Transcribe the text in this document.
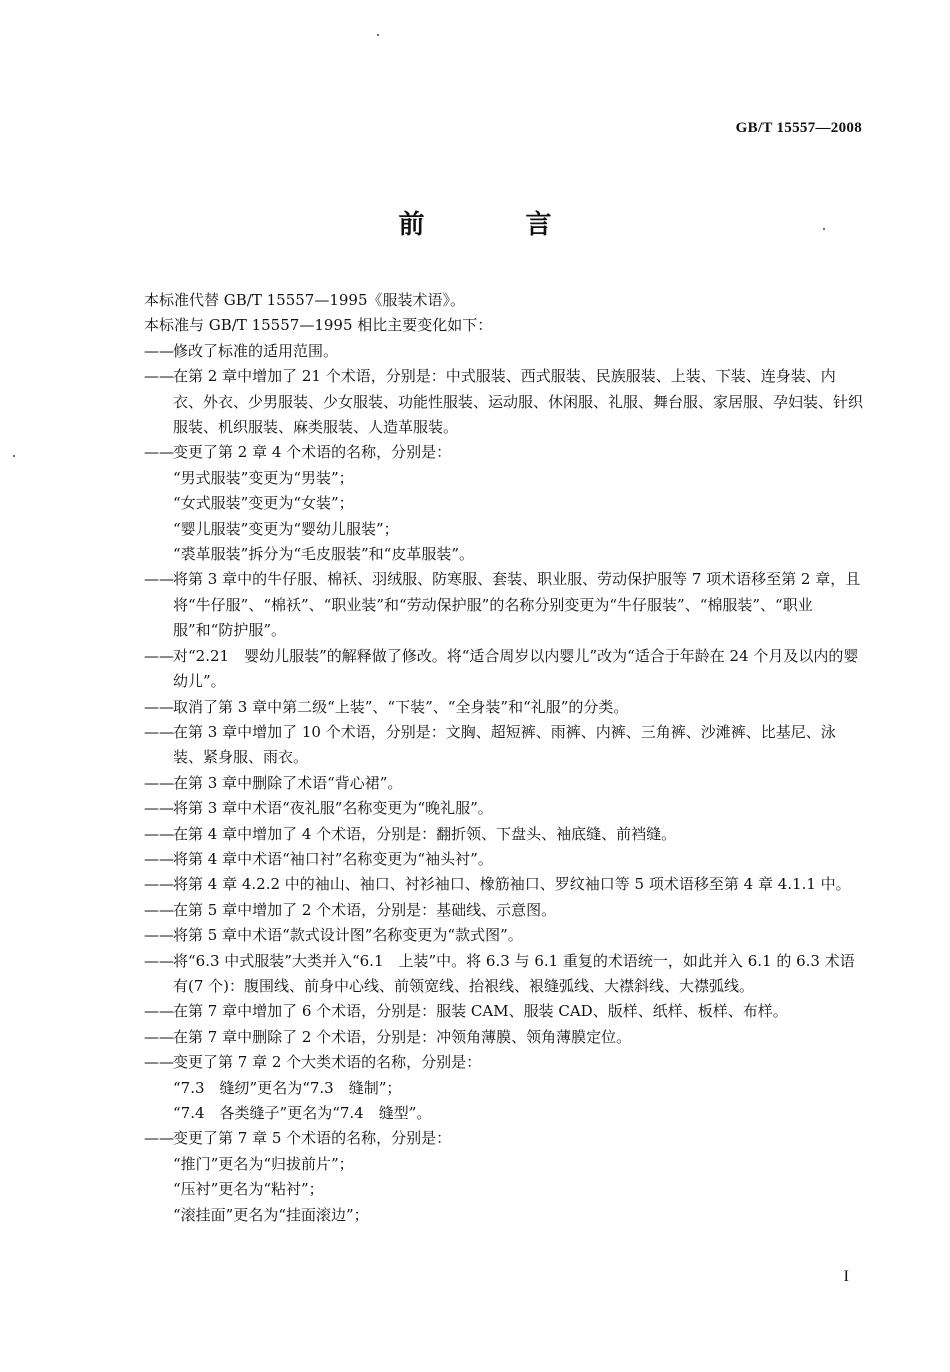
GB/T 15557—2008
前 言
本标准代替 GB/T 15557—1995《服装术语》。
本标准与 GB/T 15557—1995 相比主要变化如下：
——修改了标准的适用范围。
——在第 2 章中增加了 21 个术语，分别是：中式服装、西式服装、民族服装、上装、下装、连身装、内衣、外衣、少男服装、少女服装、功能性服装、运动服、休闲服、礼服、舞台服、家居服、孕妇装、针织服装、机织服装、麻类服装、人造革服装。
——变更了第 2 章 4 个术语的名称，分别是：
“男式服装”变更为“男装”；
“女式服装”变更为“女装”；
“婴儿服装”变更为“婴幼儿服装”；
“裘革服装”拆分为“毛皮服装”和“皮革服装”。
——将第 3 章中的牛仔服、棉袄、羽绒服、防寒服、套装、职业服、劳动保护服等 7 项术语移至第 2 章，且将“牛仔服”、“棉袄”、“职业装”和“劳动保护服”的名称分别变更为“牛仔服装”、“棉服装”、“职业服”和“防护服”。
——对“2.21　婴幼儿服装”的解释做了修改。将“适合周岁以内婴儿”改为“适合于年龄在 24 个月及以内的婴幼儿”。
——取消了第 3 章中第二级“上装”、“下装”、“全身装”和“礼服”的分类。
——在第 3 章中增加了 10 个术语，分别是：文胸、超短裤、雨裤、内裤、三角裤、沙滩裤、比基尼、泳装、紧身服、雨衣。
——在第 3 章中删除了术语“背心裙”。
——将第 3 章中术语“夜礼服”名称变更为“晚礼服”。
——在第 4 章中增加了 4 个术语，分别是：翻折领、下盘头、袖底缝、前裆缝。
——将第 4 章中术语“袖口衬”名称变更为“袖头衬”。
——将第 4 章 4.2.2 中的袖山、袖口、衬衫袖口、橡筋袖口、罗纹袖口等 5 项术语移至第 4 章 4.1.1 中。
——在第 5 章中增加了 2 个术语，分别是：基础线、示意图。
——将第 5 章中术语“款式设计图”名称变更为“款式图”。
——将“6.3 中式服装”大类并入“6.1　上装”中。将 6.3 与 6.1 重复的术语统一，如此并入 6.1 的 6.3 术语有(7 个)：腹围线、前身中心线、前领宽线、抬裉线、裉缝弧线、大襟斜线、大襟弧线。
——在第 7 章中增加了 6 个术语，分别是：服装 CAM、服装 CAD、版样、纸样、板样、布样。
——在第 7 章中删除了 2 个术语，分别是：冲领角薄膜、领角薄膜定位。
——变更了第 7 章 2 个大类术语的名称，分别是：
“7.3　缝纫”更名为“7.3　缝制”；
“7.4　各类缝子”更名为“7.4　缝型”。
——变更了第 7 章 5 个术语的名称，分别是：
“推门”更名为“归拔前片”；
“压衬”更名为“粘衬”；
“滚挂面”更名为“挂面滚边”；
I
